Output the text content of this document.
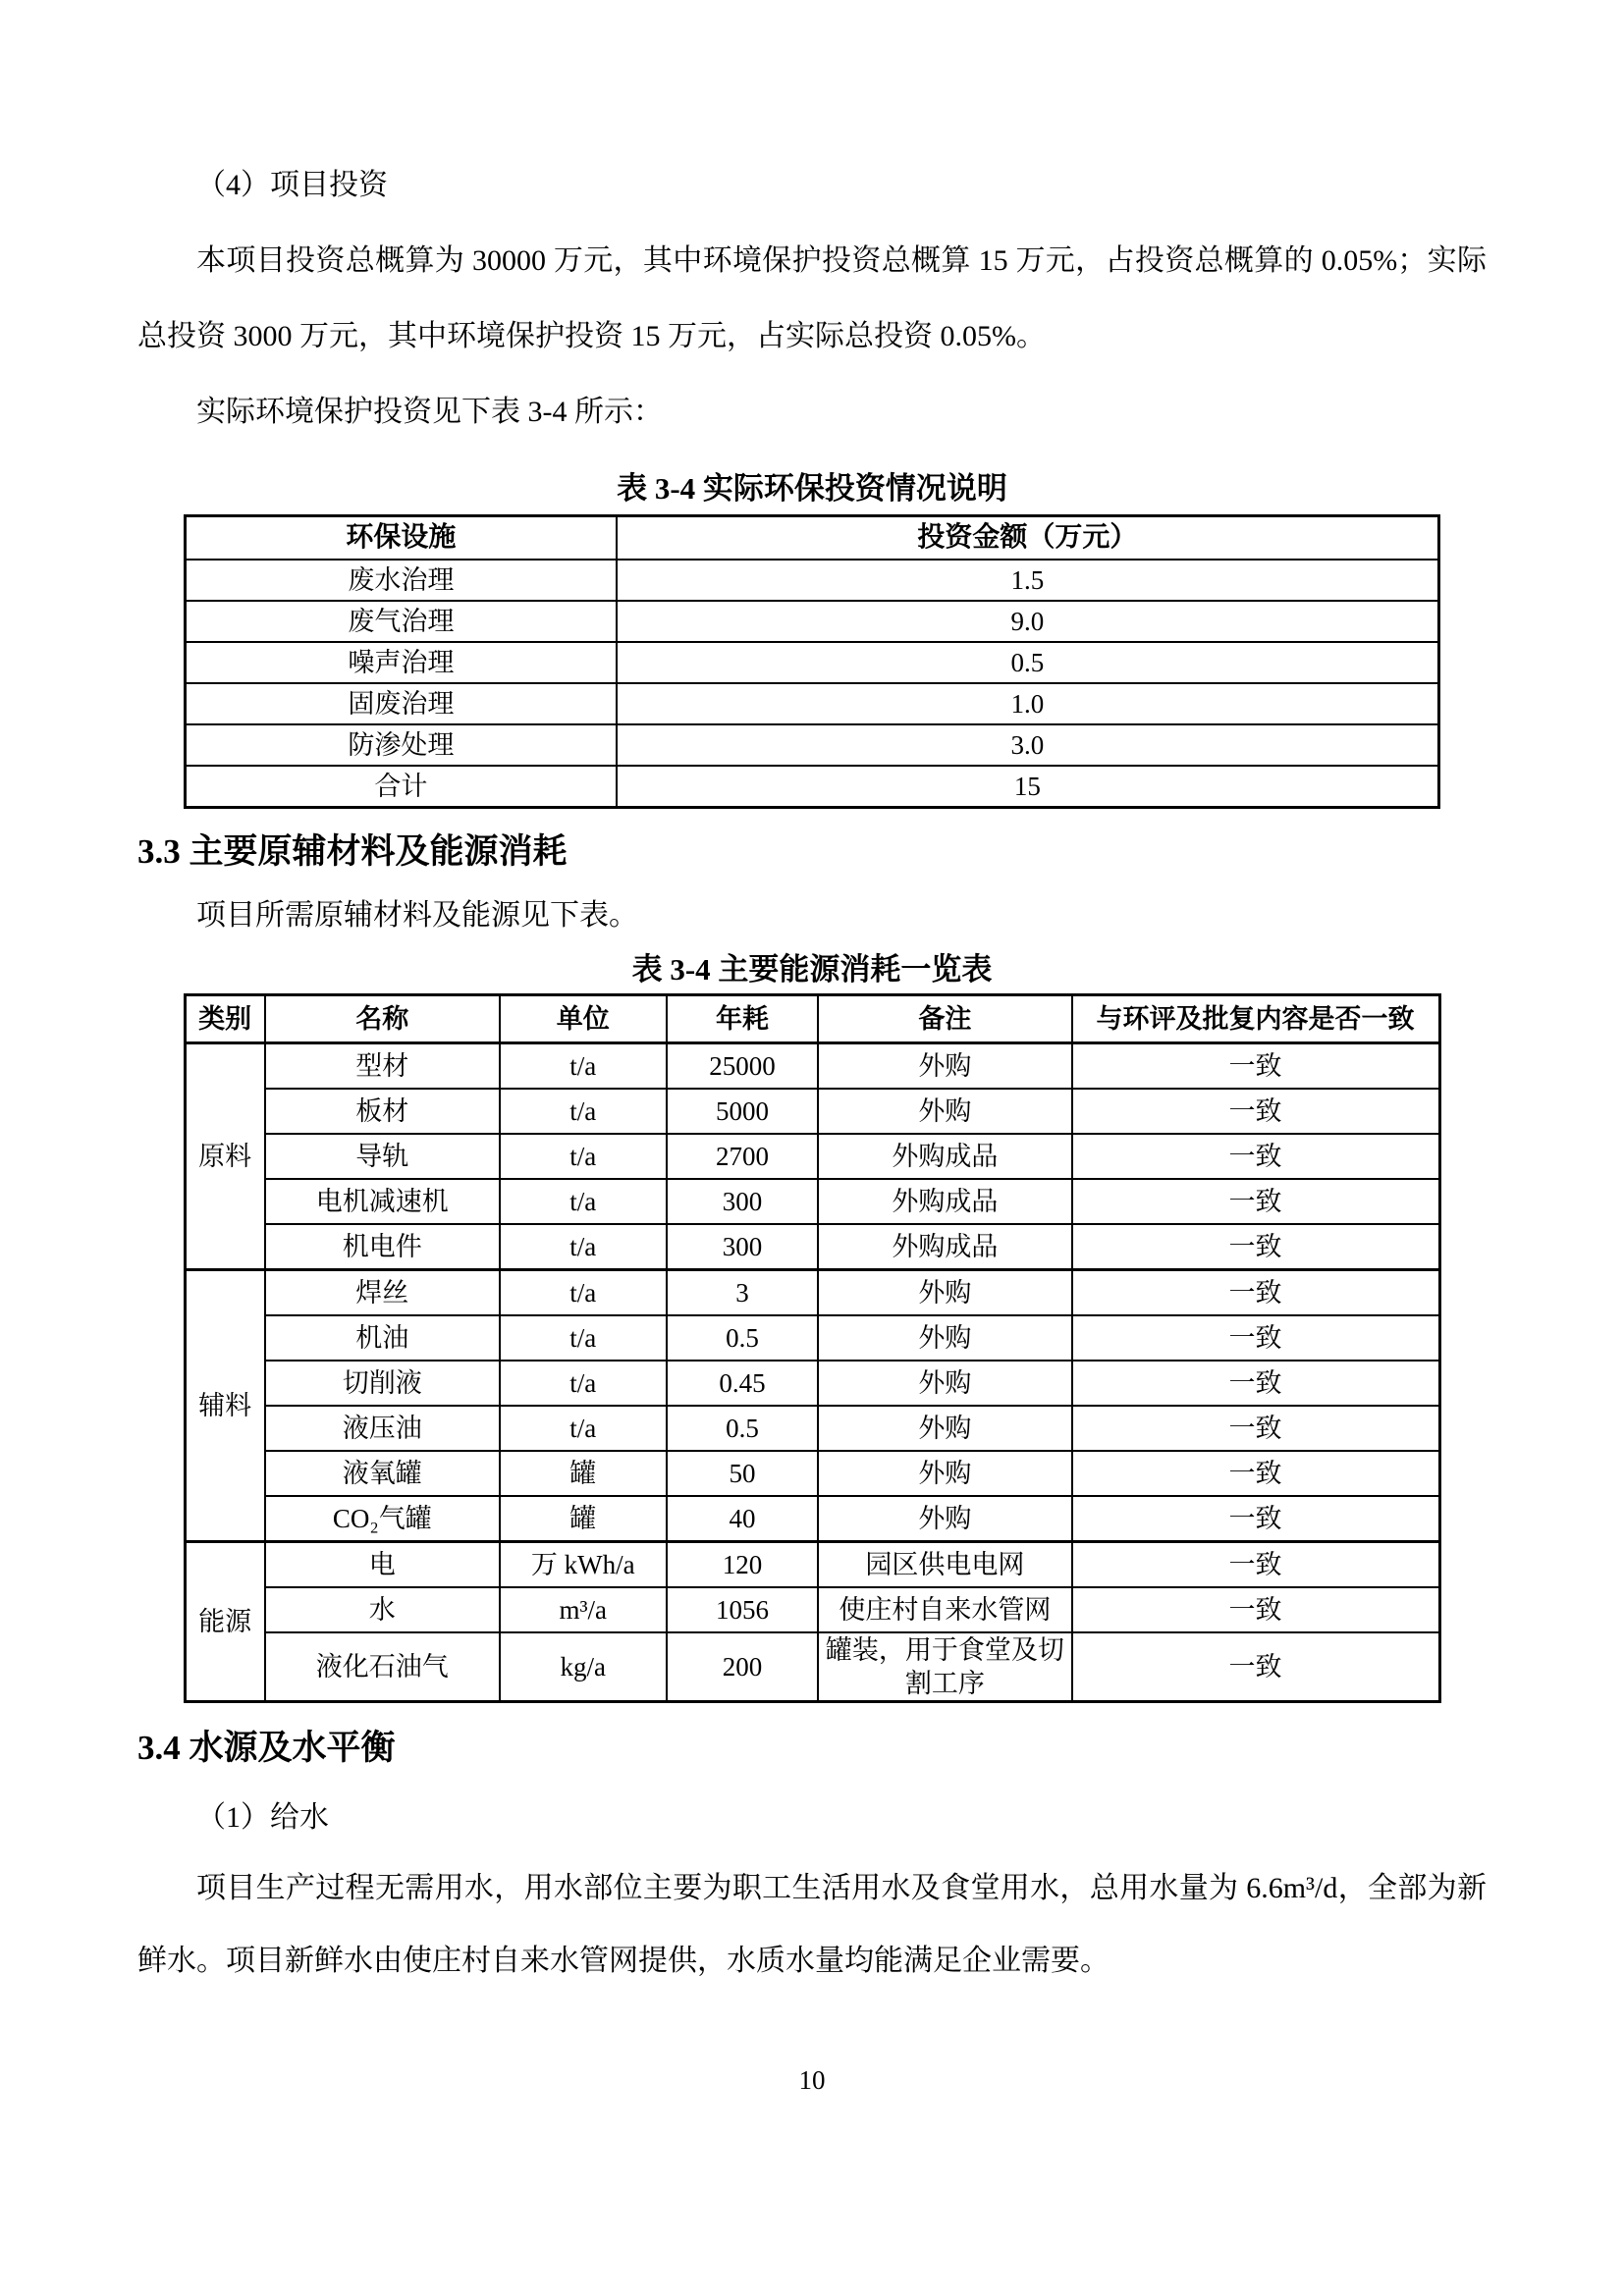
（4）项目投资

本项目投资总概算为 30000 万元，其中环境保护投资总概算 15 万元，占投资总概算的 0.05%；实际总投资 3000 万元，其中环境保护投资 15 万元，占实际总投资 0.05%。

实际环境保护投资见下表 3-4 所示：

表 3-4 实际环保投资情况说明
环保设施	投资金额（万元）
废水治理	1.5
废气治理	9.0
噪声治理	0.5
固废治理	1.0
防渗处理	3.0
合计	15
3.3 主要原辅材料及能源消耗

项目所需原辅材料及能源见下表。

表 3-4 主要能源消耗一览表
类别	名称	单位	年耗	备注	与环评及批复内容是否一致
原料	型材	t/a	25000	外购	一致
	板材	t/a	5000	外购	一致
	导轨	t/a	2700	外购成品	一致
	电机减速机	t/a	300	外购成品	一致
	机电件	t/a	300	外购成品	一致
辅料	焊丝	t/a	3	外购	一致
	机油	t/a	0.5	外购	一致
	切削液	t/a	0.45	外购	一致
	液压油	t/a	0.5	外购	一致
	液氧罐	罐	50	外购	一致
	CO₂气罐	罐	40	外购	一致
能源	电	万 kWh/a	120	园区供电电网	一致
	水	m³/a	1056	使庄村自来水管网	一致
	液化石油气	kg/a	200	罐装，用于食堂及切割工序	一致
3.4 水源及水平衡

（1）给水

项目生产过程无需用水，用水部位主要为职工生活用水及食堂用水，总用水量为 6.6m³/d，全部为新鲜水。项目新鲜水由使庄村自来水管网提供，水质水量均能满足企业需要。

10
